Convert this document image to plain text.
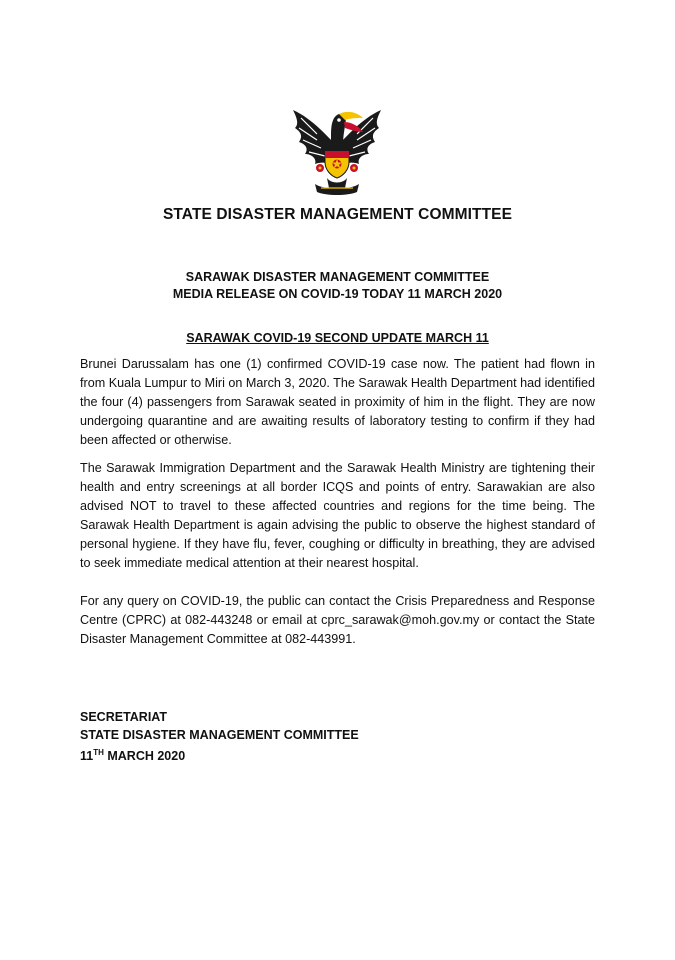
STATE DISASTER MANAGEMENT COMMITTEE
SARAWAK DISASTER MANAGEMENT COMMITTEE
MEDIA RELEASE ON COVID-19 TODAY 11 MARCH 2020
SARAWAK COVID-19 SECOND UPDATE MARCH 11

Brunei Darussalam has one (1) confirmed COVID-19 case now. The patient had flown in from Kuala Lumpur to Miri on March 3, 2020. The Sarawak Health Department had identified the four (4) passengers from Sarawak seated in proximity of him in the flight. They are now undergoing quarantine and are awaiting results of laboratory testing to confirm if they had been affected or otherwise.

The Sarawak Immigration Department and the Sarawak Health Ministry are tightening their health and entry screenings at all border ICQS and points of entry. Sarawakian are also advised NOT to travel to these affected countries and regions for the time being. The Sarawak Health Department is again advising the public to observe the highest standard of personal hygiene. If they have flu, fever, coughing or difficulty in breathing, they are advised to seek immediate medical attention at their nearest hospital.

For any query on COVID-19, the public can contact the Crisis Preparedness and Response Centre (CPRC) at 082-443248 or email at cprc_sarawak@moh.gov.my or contact the State Disaster Management Committee at 082-443991.

SECRETARIAT
STATE DISASTER MANAGEMENT COMMITTEE
11TH MARCH 2020
